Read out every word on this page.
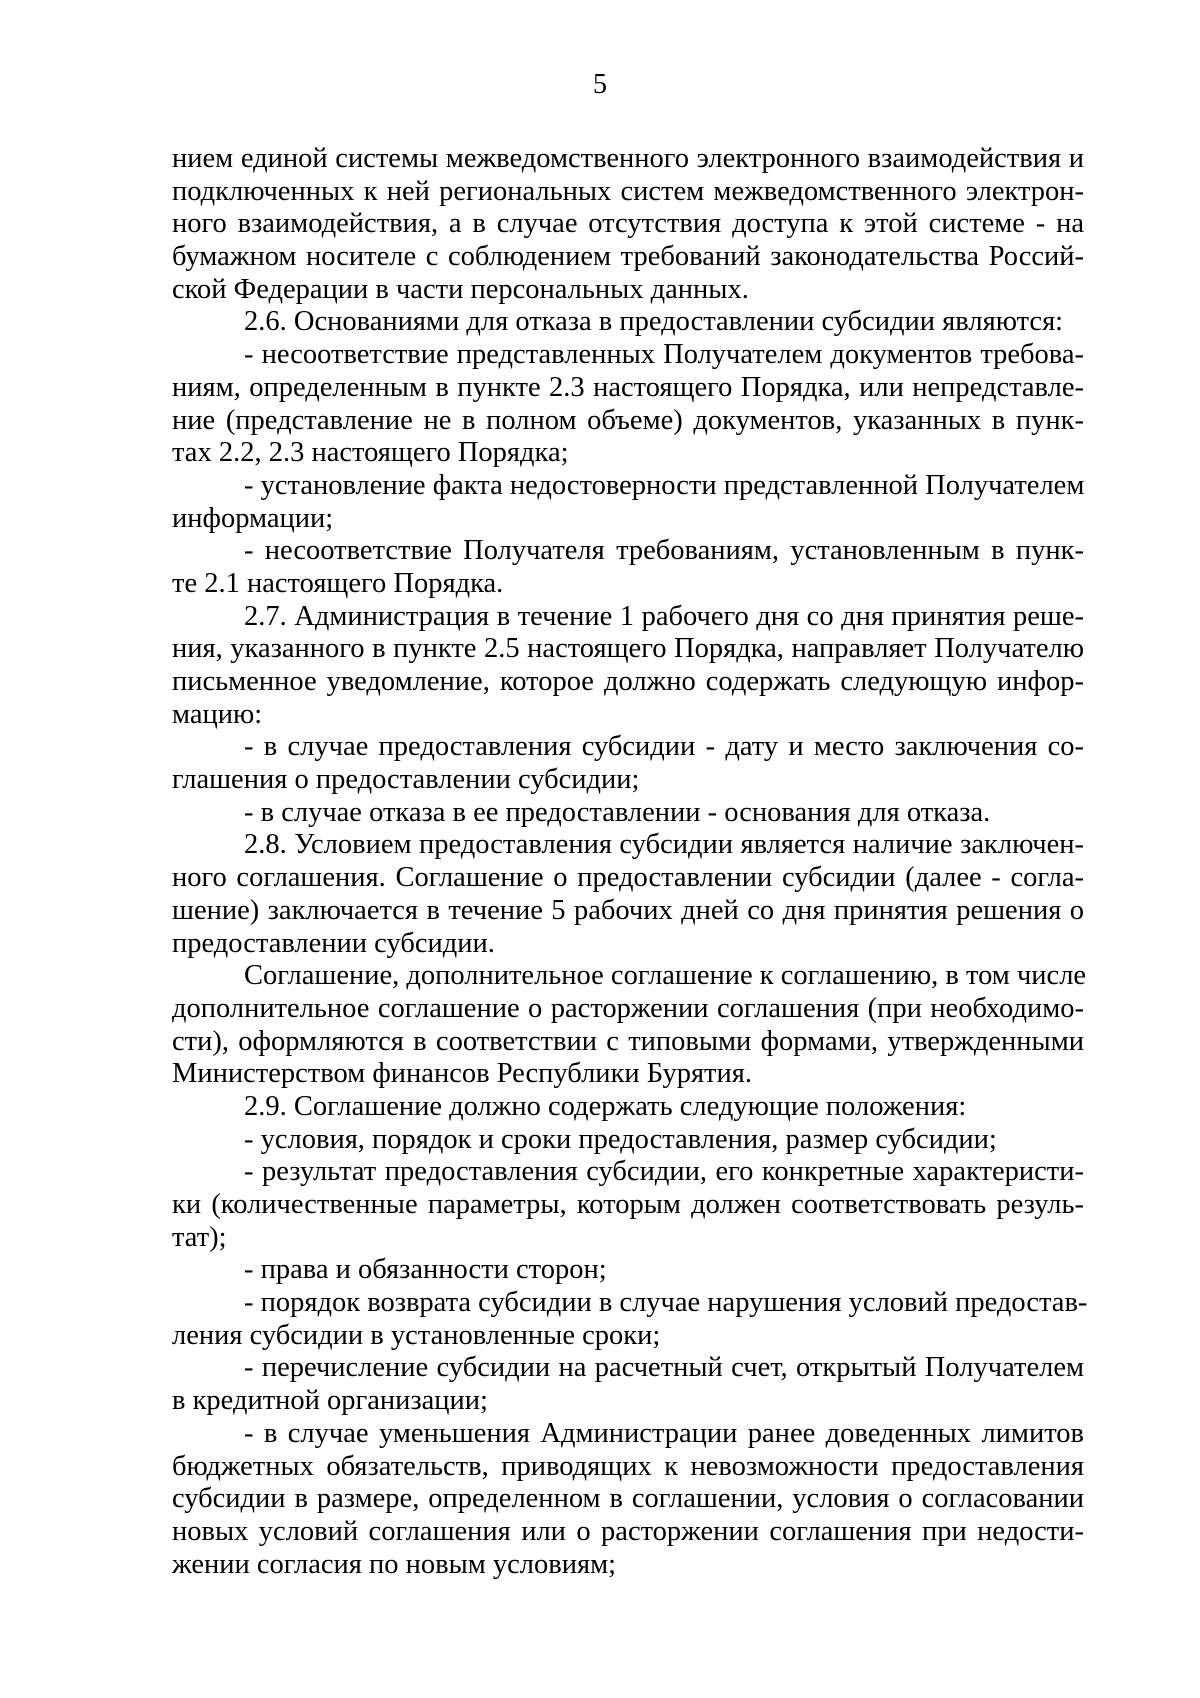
5
нием единой системы межведомственного электронного взаимодействия и
подключенных к ней региональных систем межведомственного электрон-
ного взаимодействия, а в случае отсутствия доступа к этой системе - на
бумажном носителе с соблюдением требований законодательства Россий-
ской Федерации в части персональных данных.
2.6. Основаниями для отказа в предоставлении субсидии являются:
- несоответствие представленных Получателем документов требова-
ниям, определенным в пункте 2.3 настоящего Порядка, или непредставле-
ние (представление не в полном объеме) документов, указанных в пунк-
тах 2.2, 2.3 настоящего Порядка;
- установление факта недостоверности представленной Получателем
информации;
- несоответствие Получателя требованиям, установленным в пунк-
те 2.1 настоящего Порядка.
2.7. Администрация в течение 1 рабочего дня со дня принятия реше-
ния, указанного в пункте 2.5 настоящего Порядка, направляет Получателю
письменное уведомление, которое должно содержать следующую инфор-
мацию:
- в случае предоставления субсидии - дату и место заключения со-
глашения о предоставлении субсидии;
- в случае отказа в ее предоставлении - основания для отказа.
2.8. Условием предоставления субсидии является наличие заключен-
ного соглашения. Соглашение о предоставлении субсидии (далее - согла-
шение) заключается в течение 5 рабочих дней со дня принятия решения о
предоставлении субсидии.
Соглашение, дополнительное соглашение к соглашению, в том числе
дополнительное соглашение о расторжении соглашения (при необходимо-
сти), оформляются в соответствии с типовыми формами, утвержденными
Министерством финансов Республики Бурятия.
2.9. Соглашение должно содержать следующие положения:
- условия, порядок и сроки предоставления, размер субсидии;
- результат предоставления субсидии, его конкретные характеристи-
ки (количественные параметры, которым должен соответствовать резуль-
тат);
- права и обязанности сторон;
- порядок возврата субсидии в случае нарушения условий предостав-
ления субсидии в установленные сроки;
- перечисление субсидии на расчетный счет, открытый Получателем
в кредитной организации;
- в случае уменьшения Администрации ранее доведенных лимитов
бюджетных обязательств, приводящих к невозможности предоставления
субсидии в размере, определенном в соглашении, условия о согласовании
новых условий соглашения или о расторжении соглашения при недости-
жении согласия по новым условиям;
